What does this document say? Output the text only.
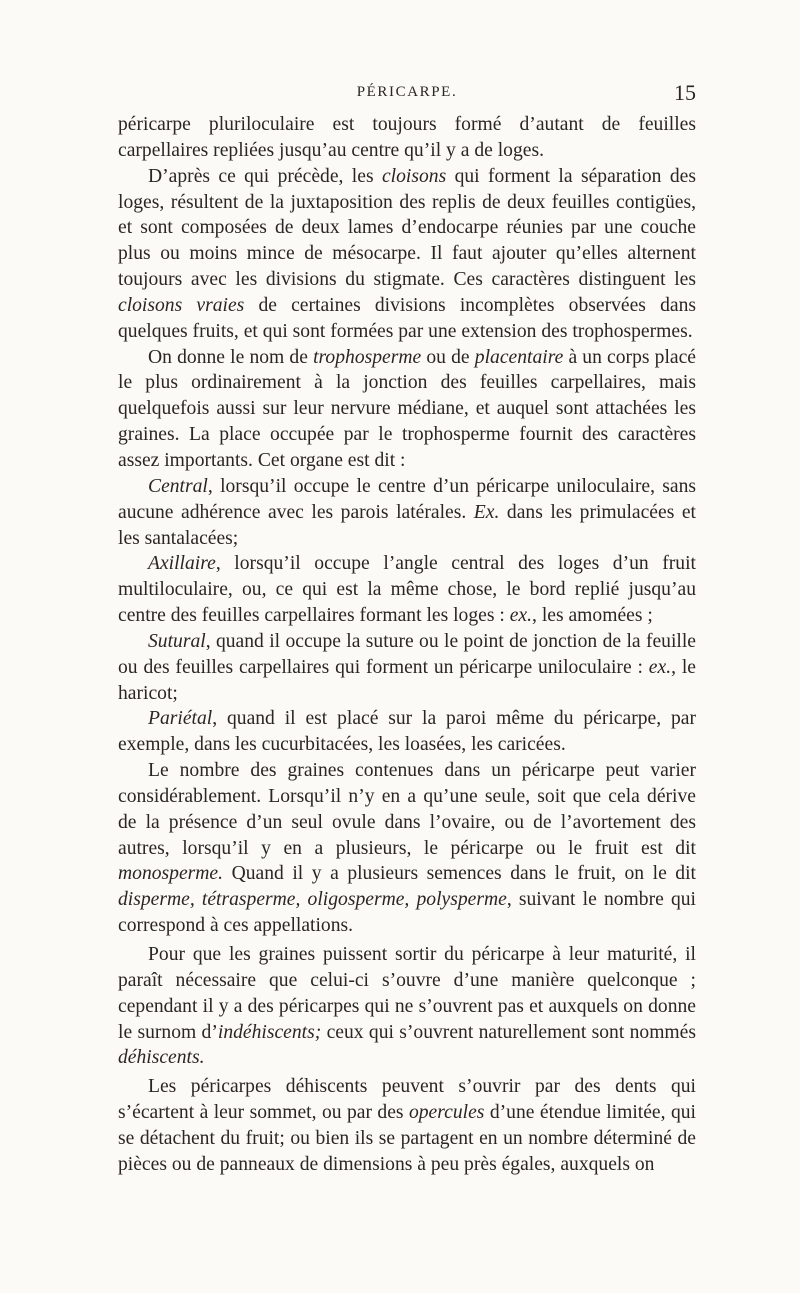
PÉRICARPE.	15

péricarpe pluriloculaire est toujours formé d’autant de feuilles carpellaires repliées jusqu’au centre qu’il y a de loges.

D’après ce qui précède, les cloisons qui forment la séparation des loges, résultent de la juxtaposition des replis de deux feuilles contigües, et sont composées de deux lames d’endocarpe réunies par une couche plus ou moins mince de mésocarpe. Il faut ajouter qu’elles alternent toujours avec les divisions du stigmate. Ces caractères distinguent les cloisons vraies de certaines divisions incomplètes observées dans quelques fruits, et qui sont formées par une extension des trophospermes.

On donne le nom de trophosperme ou de placentaire à un corps placé le plus ordinairement à la jonction des feuilles carpellaires, mais quelquefois aussi sur leur nervure médiane, et auquel sont attachées les graines. La place occupée par le trophosperme fournit des caractères assez importants. Cet organe est dit :

Central, lorsqu’il occupe le centre d’un péricarpe uniloculaire, sans aucune adhérence avec les parois latérales. Ex. dans les primulacées et les santalacées;

Axillaire, lorsqu’il occupe l’angle central des loges d’un fruit multiloculaire, ou, ce qui est la même chose, le bord replié jusqu’au centre des feuilles carpellaires formant les loges : ex., les amomées ;

Sutural, quand il occupe la suture ou le point de jonction de la feuille ou des feuilles carpellaires qui forment un péricarpe uniloculaire : ex., le haricot;

Pariétal, quand il est placé sur la paroi même du péricarpe, par exemple, dans les cucurbitacées, les loasées, les caricées.

Le nombre des graines contenues dans un péricarpe peut varier considérablement. Lorsqu’il n’y en a qu’une seule, soit que cela dérive de la présence d’un seul ovule dans l’ovaire, ou de l’avortement des autres, lorsqu’il y en a plusieurs, le péricarpe ou le fruit est dit monosperme. Quand il y a plusieurs semences dans le fruit, on le dit disperme, tétrasperme, oligosperme, polysperme, suivant le nombre qui correspond à ces appellations.

Pour que les graines puissent sortir du péricarpe à leur maturité, il paraît nécessaire que celui-ci s’ouvre d’une manière quelconque ; cependant il y a des péricarpes qui ne s’ouvrent pas et auxquels on donne le surnom d’indéhiscents; ceux qui s’ouvrent naturellement sont nommés déhiscents.

Les péricarpes déhiscents peuvent s’ouvrir par des dents qui s’écartent à leur sommet, ou par des opercules d’une étendue limitée, qui se détachent du fruit; ou bien ils se partagent en un nombre déterminé de pièces ou de panneaux de dimensions à peu près égales, auxquels on
